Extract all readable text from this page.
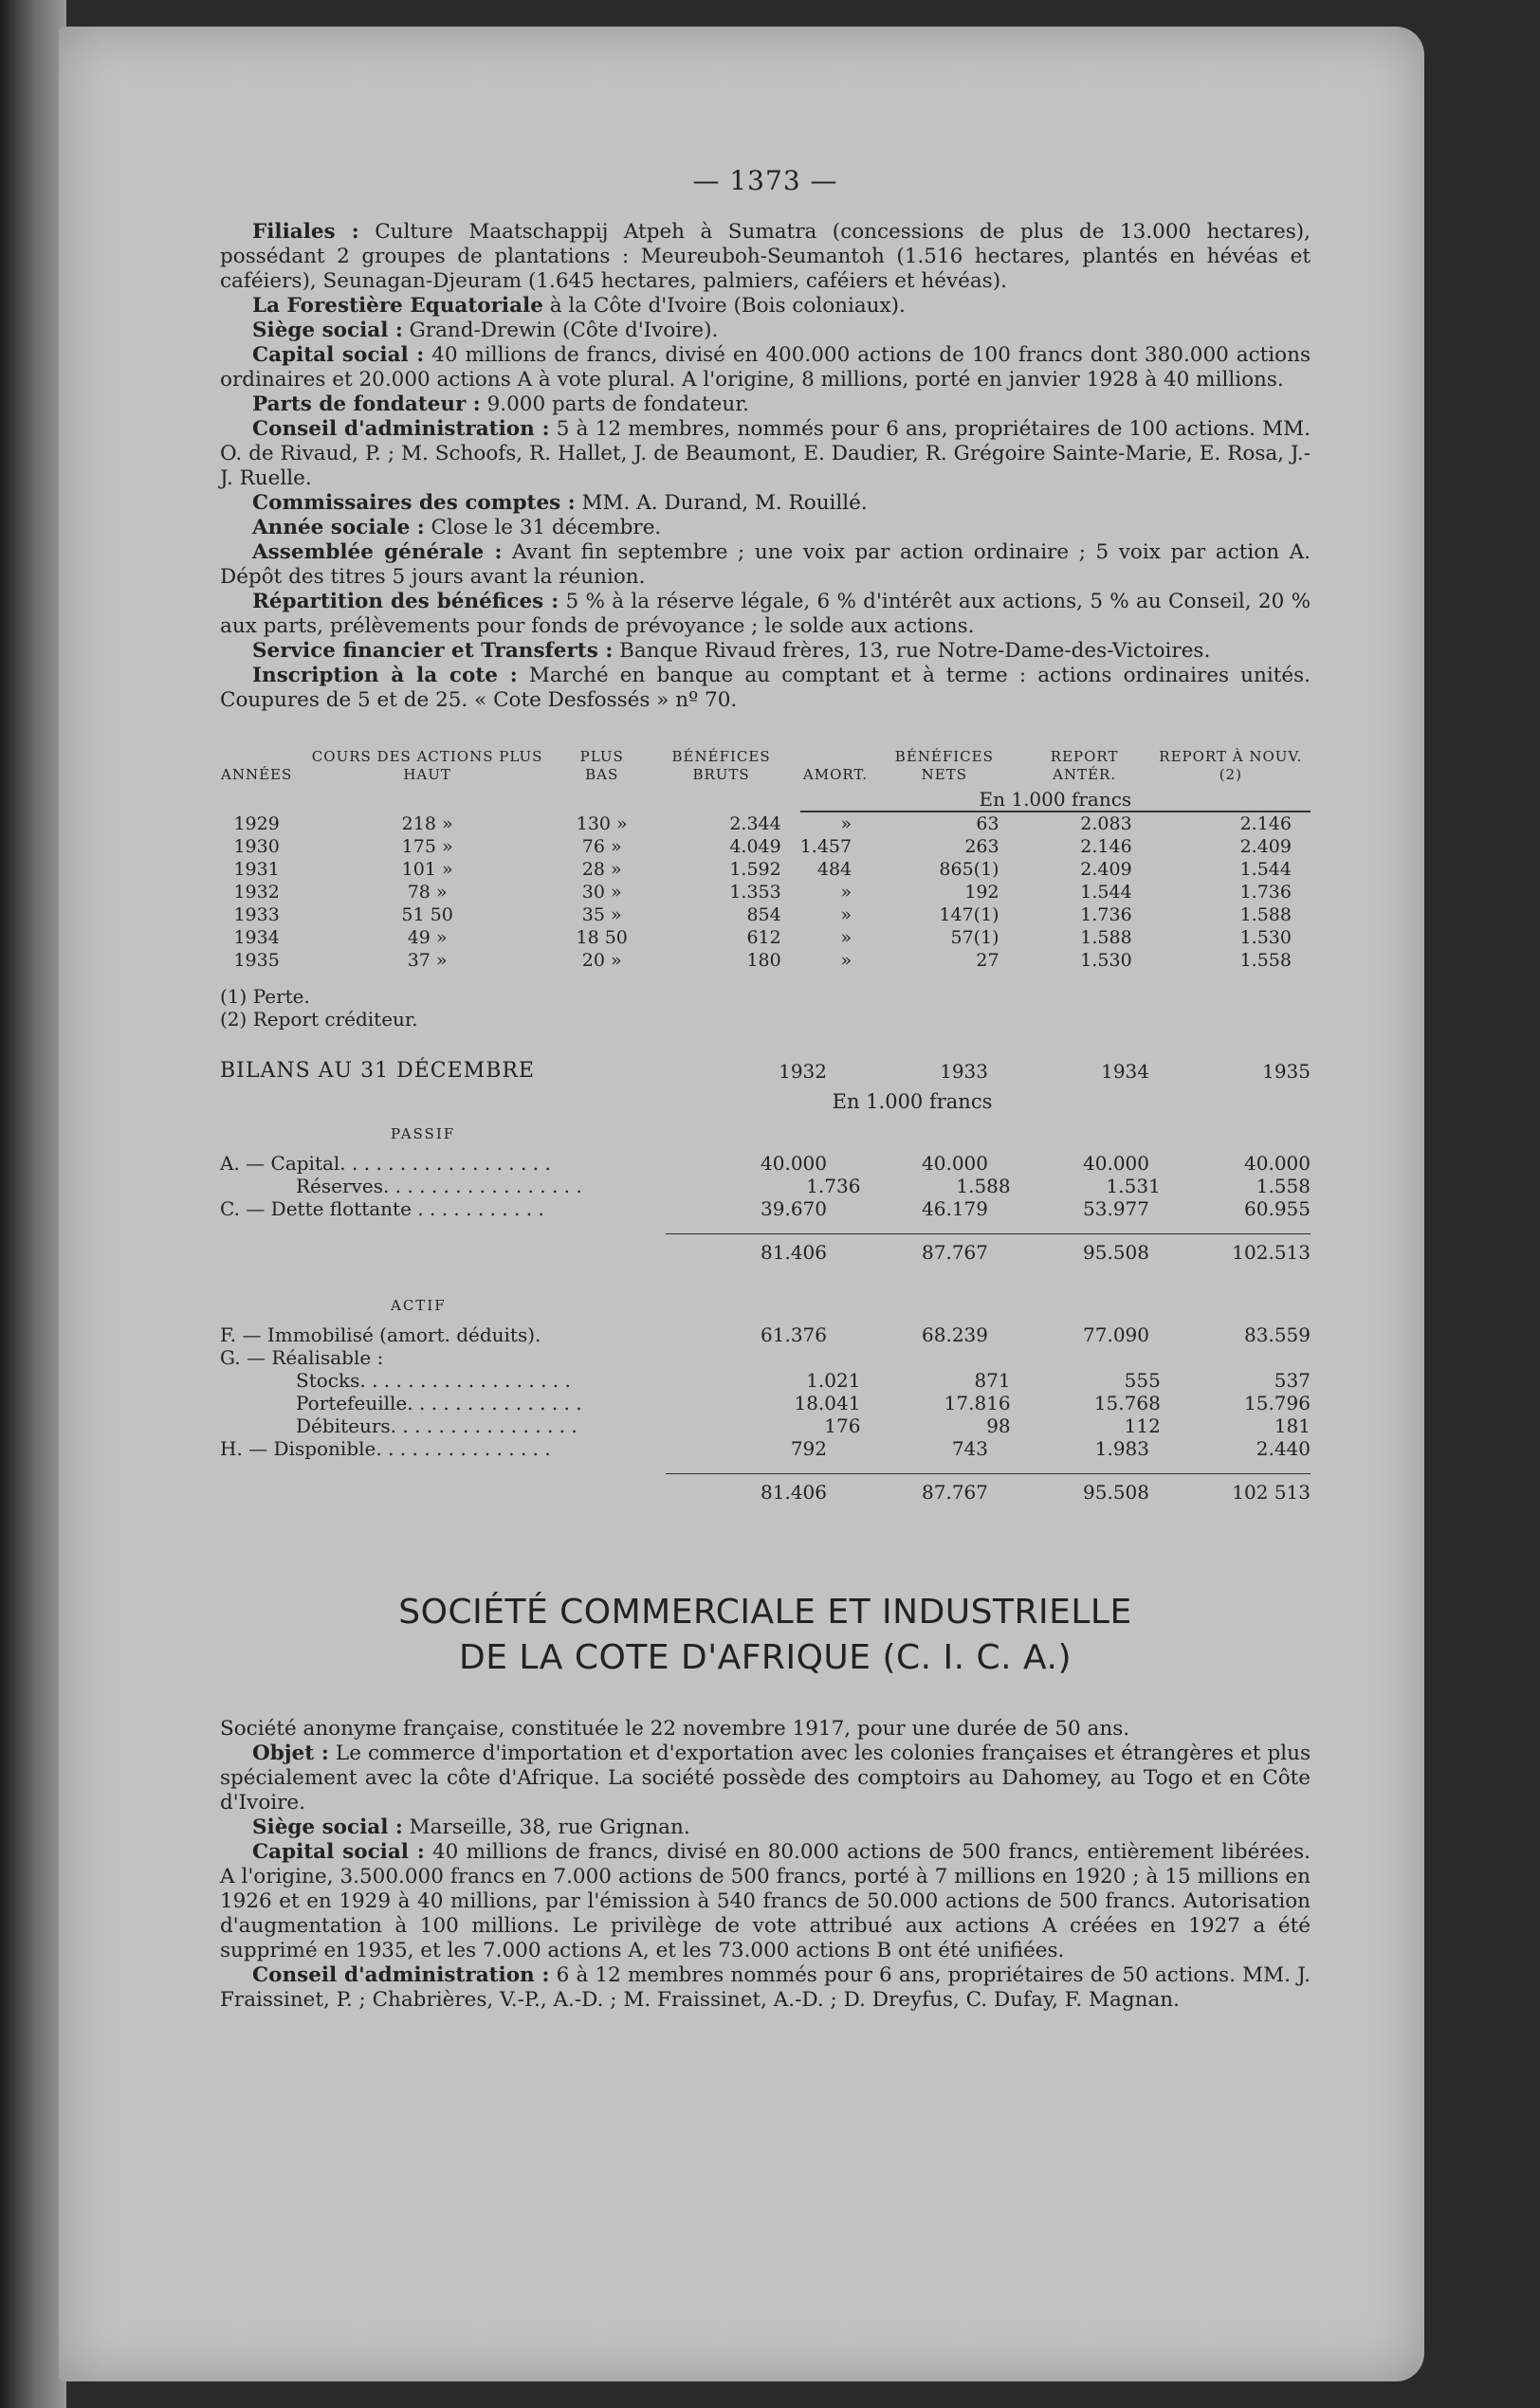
— 1373 —

Filiales : Culture Maatschappij Atpeh à Sumatra (concessions de plus de 13.000 hectares), possédant 2 groupes de plantations : Meureuboh-Seumantoh (1.516 hectares, plantés en hévéas et caféiers), Seunagan-Djeuram (1.645 hectares, palmiers, caféiers et hévéas).

La Forestière Equatoriale à la Côte d'Ivoire (Bois coloniaux).

Siège social : Grand-Drewin (Côte d'Ivoire).

Capital social : 40 millions de francs, divisé en 400.000 actions de 100 francs dont 380.000 actions ordinaires et 20.000 actions A à vote plural. A l'origine, 8 millions, porté en janvier 1928 à 40 millions.

Parts de fondateur : 9.000 parts de fondateur.

Conseil d'administration : 5 à 12 membres, nommés pour 6 ans, propriétaires de 100 actions. MM. O. de Rivaud, P. ; M. Schoofs, R. Hallet, J. de Beaumont, E. Daudier, R. Grégoire Sainte-Marie, E. Rosa, J.-J. Ruelle.

Commissaires des comptes : MM. A. Durand, M. Rouillé.

Année sociale : Close le 31 décembre.

Assemblée générale : Avant fin septembre ; une voix par action ordinaire ; 5 voix par action A. Dépôt des titres 5 jours avant la réunion.

Répartition des bénéfices : 5 % à la réserve légale, 6 % d'intérêt aux actions, 5 % au Conseil, 20 % aux parts, prélèvements pour fonds de prévoyance ; le solde aux actions.

Service financier et Transferts : Banque Rivaud frères, 13, rue Notre-Dame-des-Victoires.

Inscription à la cote : Marché en banque au comptant et à terme : actions ordinaires unités. Coupures de 5 et de 25. « Cote Desfossés » nº 70.

ANNÉES	COURS DES ACTIONS PLUS HAUT	PLUS BAS	BÉNÉFICES BRUTS	AMORT.	BÉNÉFICES NETS	REPORT ANTÉR.	REPORT À NOUV.(2)

				En 1.000 francs			

1929	218 »	130 »	2.344	»	63	2.083	2.146
1930	175 »	76 »	4.049	1.457	263	2.146	2.409
1931	101 »	28 »	1.592	484	865(1)	2.409	1.544
1932	78 »	30 »	1.353	»	192	1.544	1.736
1933	51 50	35 »	854	»	147(1)	1.736	1.588
1934	49 »	18 50	612	»	57(1)	1.588	1.530
1935	37 »	20 »	180	»	27	1.530	1.558
(1) Perte.
(2) Report créditeur.
BILANS AU 31 DÉCEMBRE	1932	1933	1934	1935
En 1.000 francs
PASSIF
A. — Capital. . . . . . . . . . . . . . . . . .	40.000	40.000	40.000	40.000
Réserves. . . . . . . . . . . . . . . . .	1.736	1.588	1.531	1.558
C. — Dette flottante . . . . . . . . . . .	39.670	46.179	53.977	60.955
81.406	87.767	95.508	102.513
ACTIF
F. — Immobilisé (amort. déduits).	61.376	68.239	77.090	83.559
G. — Réalisable :
Stocks. . . . . . . . . . . . . . . . . .	1.021	871	555	537
Portefeuille. . . . . . . . . . . . . . .	18.041	17.816	15.768	15.796
Débiteurs. . . . . . . . . . . . . . . .	176	98	112	181
H. — Disponible. . . . . . . . . . . . . . .	792	743	1.983	2.440
81.406	87.767	95.508	102 513
SOCIÉTÉ COMMERCIALE ET INDUSTRIELLE
DE LA COTE D'AFRIQUE (C. I. C. A.)

Société anonyme française, constituée le 22 novembre 1917, pour une durée de 50 ans.

Objet : Le commerce d'importation et d'exportation avec les colonies françaises et étrangères et plus spécialement avec la côte d'Afrique. La société possède des comptoirs au Dahomey, au Togo et en Côte d'Ivoire.

Siège social : Marseille, 38, rue Grignan.

Capital social : 40 millions de francs, divisé en 80.000 actions de 500 francs, entièrement libérées. A l'origine, 3.500.000 francs en 7.000 actions de 500 francs, porté à 7 millions en 1920 ; à 15 millions en 1926 et en 1929 à 40 millions, par l'émission à 540 francs de 50.000 actions de 500 francs. Autorisation d'augmentation à 100 millions. Le privilège de vote attribué aux actions A créées en 1927 a été supprimé en 1935, et les 7.000 actions A, et les 73.000 actions B ont été unifiées.

Conseil d'administration : 6 à 12 membres nommés pour 6 ans, propriétaires de 50 actions. MM. J. Fraissinet, P. ; Chabrières, V.-P., A.-D. ; M. Fraissinet, A.-D. ; D. Dreyfus, C. Dufay, F. Magnan.
